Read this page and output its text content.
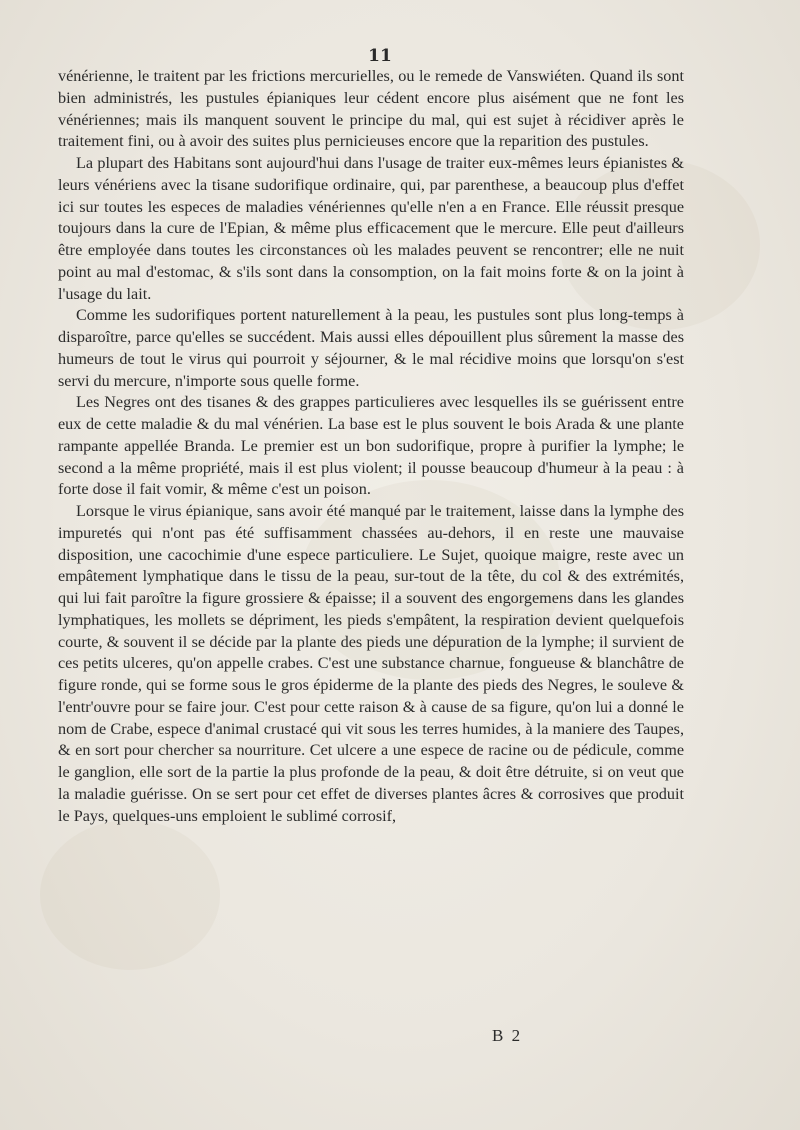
11

vénérienne, le traitent par les frictions mercurielles, ou le remede de Vanswiéten. Quand ils sont bien administrés, les pustules épianiques leur cédent encore plus aisément que ne font les vénériennes; mais ils manquent souvent le principe du mal, qui est sujet à récidiver après le traitement fini, ou à avoir des suites plus pernicieuses encore que la reparition des pustules.

La plupart des Habitans sont aujourd'hui dans l'usage de traiter eux-mêmes leurs épianistes & leurs vénériens avec la tisane sudorifique ordinaire, qui, par parenthese, a beaucoup plus d'effet ici sur toutes les especes de maladies vénériennes qu'elle n'en a en France. Elle réussit presque toujours dans la cure de l'Epian, & même plus efficacement que le mercure. Elle peut d'ailleurs être employée dans toutes les circonstances où les malades peuvent se rencontrer; elle ne nuit point au mal d'estomac, & s'ils sont dans la consomption, on la fait moins forte & on la joint à l'usage du lait.

Comme les sudorifiques portent naturellement à la peau, les pustules sont plus long-temps à disparoître, parce qu'elles se succédent. Mais aussi elles dépouillent plus sûrement la masse des humeurs de tout le virus qui pourroit y séjourner, & le mal récidive moins que lorsqu'on s'est servi du mercure, n'importe sous quelle forme.

Les Negres ont des tisanes & des grappes particulieres avec lesquelles ils se guérissent entre eux de cette maladie & du mal vénérien. La base est le plus souvent le bois Arada & une plante rampante appellée Branda. Le premier est un bon sudorifique, propre à purifier la lymphe; le second a la même propriété, mais il est plus violent; il pousse beaucoup d'humeur à la peau : à forte dose il fait vomir, & même c'est un poison.

Lorsque le virus épianique, sans avoir été manqué par le traitement, laisse dans la lymphe des impuretés qui n'ont pas été suffisamment chassées au-dehors, il en reste une mauvaise disposition, une cacochimie d'une espece particuliere. Le Sujet, quoique maigre, reste avec un empâtement lymphatique dans le tissu de la peau, sur-tout de la tête, du col & des extrémités, qui lui fait paroître la figure grossiere & épaisse; il a souvent des engorgemens dans les glandes lymphatiques, les mollets se dépriment, les pieds s'empâtent, la respiration devient quelquefois courte, & souvent il se décide par la plante des pieds une dépuration de la lymphe; il survient de ces petits ulceres, qu'on appelle crabes. C'est une substance charnue, fongueuse & blanchâtre de figure ronde, qui se forme sous le gros épiderme de la plante des pieds des Negres, le souleve & l'entr'ouvre pour se faire jour. C'est pour cette raison & à cause de sa figure, qu'on lui a donné le nom de Crabe, espece d'animal crustacé qui vit sous les terres humides, à la maniere des Taupes, & en sort pour chercher sa nourriture. Cet ulcere a une espece de racine ou de pédicule, comme le ganglion, elle sort de la partie la plus profonde de la peau, & doit être détruite, si on veut que la maladie guérisse. On se sert pour cet effet de diverses plantes âcres & corrosives que produit le Pays, quelques-uns emploient le sublimé corrosif,

B 2
